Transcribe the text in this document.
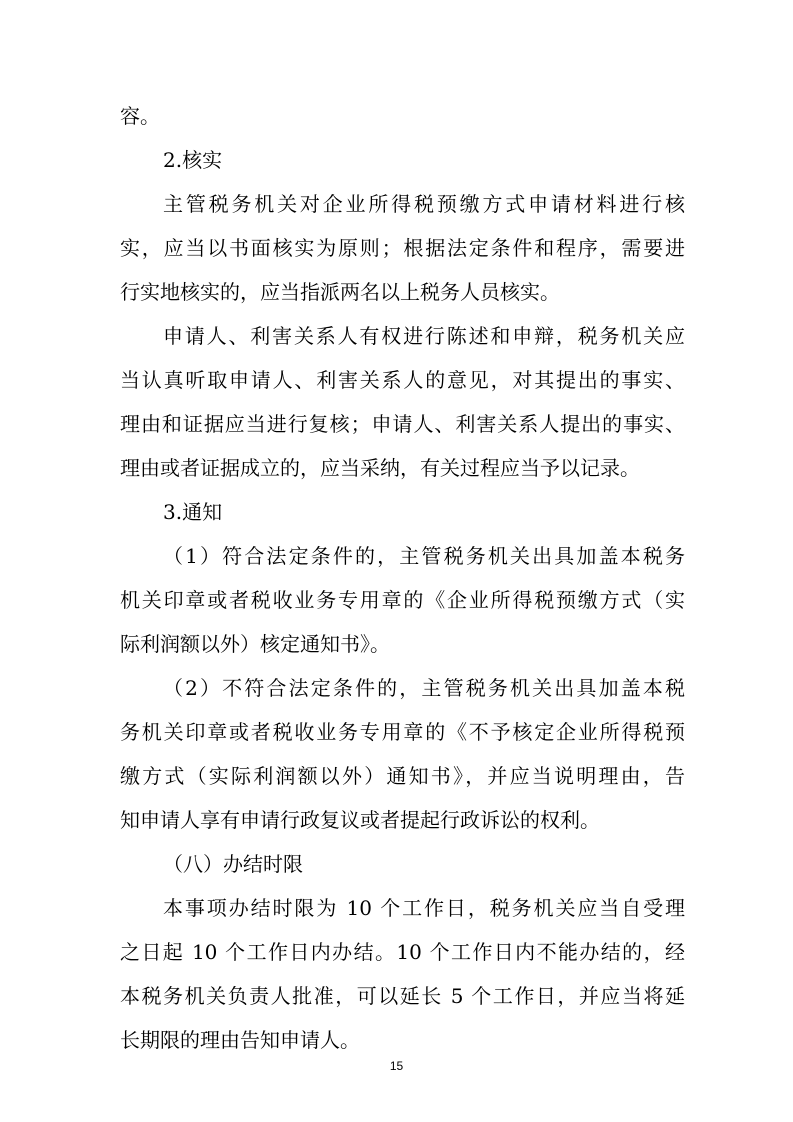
容。
2.核实
主管税务机关对企业所得税预缴方式申请材料进行核
实，应当以书面核实为原则；根据法定条件和程序，需要进
行实地核实的，应当指派两名以上税务人员核实。
申请人、利害关系人有权进行陈述和申辩，税务机关应
当认真听取申请人、利害关系人的意见，对其提出的事实、
理由和证据应当进行复核；申请人、利害关系人提出的事实、
理由或者证据成立的，应当采纳，有关过程应当予以记录。
3.通知
（1）符合法定条件的，主管税务机关出具加盖本税务
机关印章或者税收业务专用章的《企业所得税预缴方式（实
际利润额以外）核定通知书》。
（2）不符合法定条件的，主管税务机关出具加盖本税
务机关印章或者税收业务专用章的《不予核定企业所得税预
缴方式（实际利润额以外）通知书》，并应当说明理由，告
知申请人享有申请行政复议或者提起行政诉讼的权利。
（八）办结时限
本事项办结时限为 10 个工作日，税务机关应当自受理
之日起 10 个工作日内办结。10 个工作日内不能办结的，经
本税务机关负责人批准，可以延长 5 个工作日，并应当将延
长期限的理由告知申请人。
15
